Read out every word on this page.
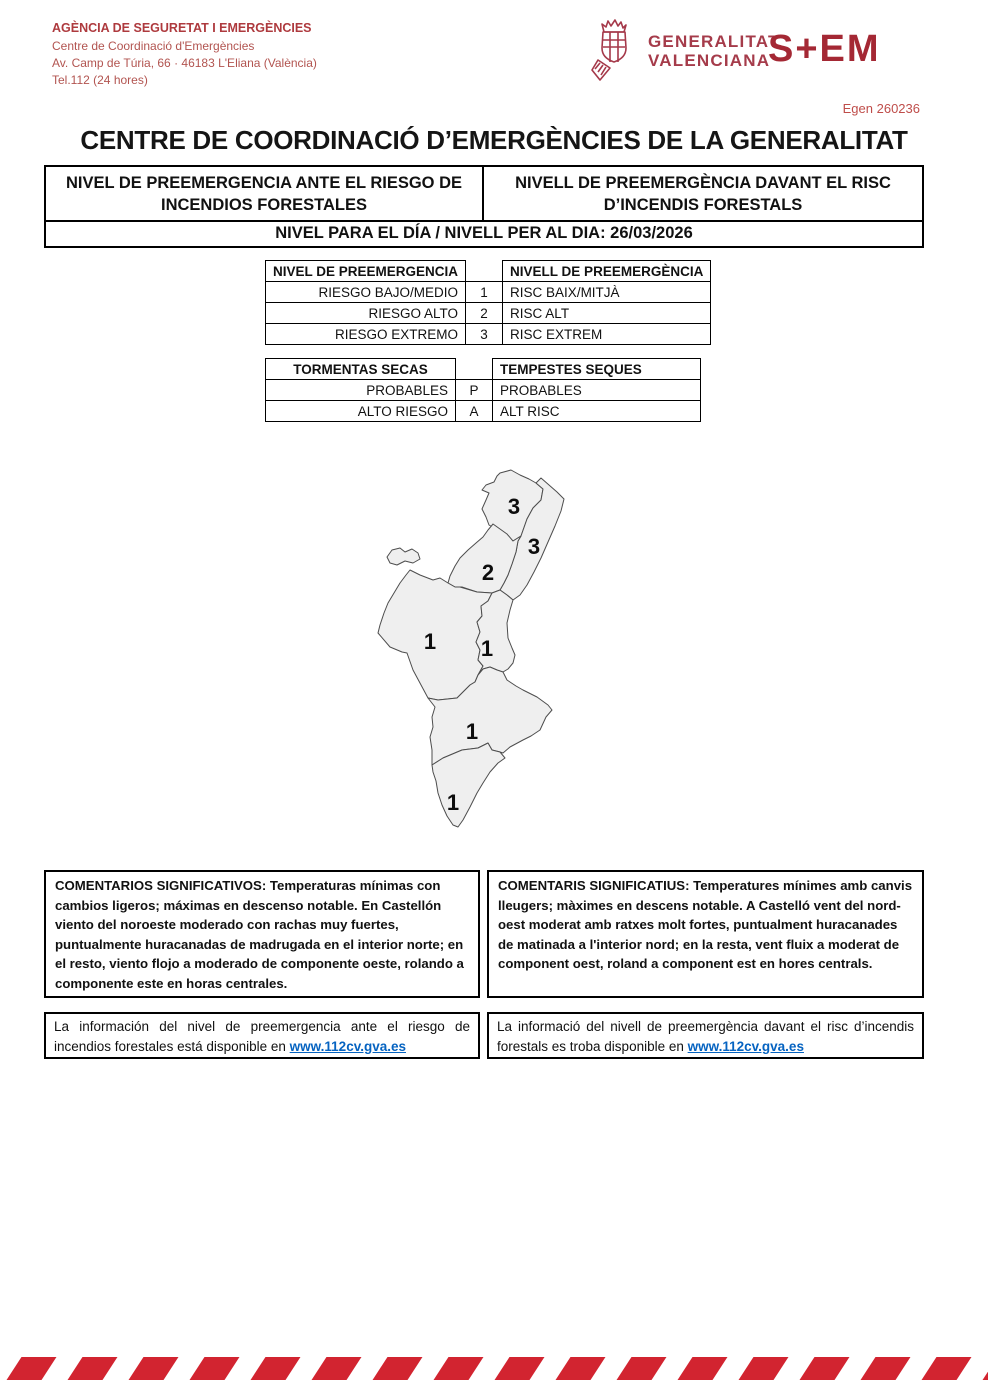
AGÈNCIA DE SEGURETAT I EMERGÈNCIES
Centre de Coordinació d'Emergències
Av. Camp de Túria, 66 · 46183 L'Eliana (València)
Tel.112 (24 hores)
GENERALITAT
VALENCIANA
S+EM
Egen 260236
CENTRE DE COORDINACIÓ D’EMERGÈNCIES DE LA GENERALITAT
NIVEL DE PREEMERGENCIA ANTE EL RIESGO DE
INCENDIOS FORESTALES
NIVELL DE PREEMERGÈNCIA DAVANT EL RISC
D’INCENDIS FORESTALS
NIVEL PARA EL DÍA / NIVELL PER AL DIA: 26/03/2026
NIVEL DE PREEMERGENCIA		NIVELL DE PREEMERGÈNCIA
RIESGO BAJO/MEDIO	1	RISC BAIX/MITJÀ
RIESGO ALTO	2	RISC ALT
RIESGO EXTREMO	3	RISC EXTREM
TORMENTAS SECAS		TEMPESTES SEQUES
PROBABLES	P	PROBABLES
ALTO RIESGO	A	ALT RISC
3
3
2
1 1
1
1
COMENTARIOS SIGNIFICATIVOS: Temperaturas mínimas con cambios ligeros; máximas en descenso notable. En Castellón viento del noroeste moderado con rachas muy fuertes, puntualmente huracanadas de madrugada en el interior norte; en el resto, viento flojo a moderado de componente oeste, rolando a componente este en horas centrales.
COMENTARIS SIGNIFICATIUS: Temperatures mínimes amb canvis lleugers; màximes en descens notable. A Castelló vent del nord-oest moderat amb ratxes molt fortes, puntualment huracanades de matinada a l'interior nord; en la resta, vent fluix a moderat de component oest, roland a component est en hores centrals.
La información del nivel de preemergencia ante el riesgo de incendios forestales está disponible en www.112cv.gva.es
La informació del nivell de preemergència davant el risc d’incendis forestals es troba disponible en www.112cv.gva.es
